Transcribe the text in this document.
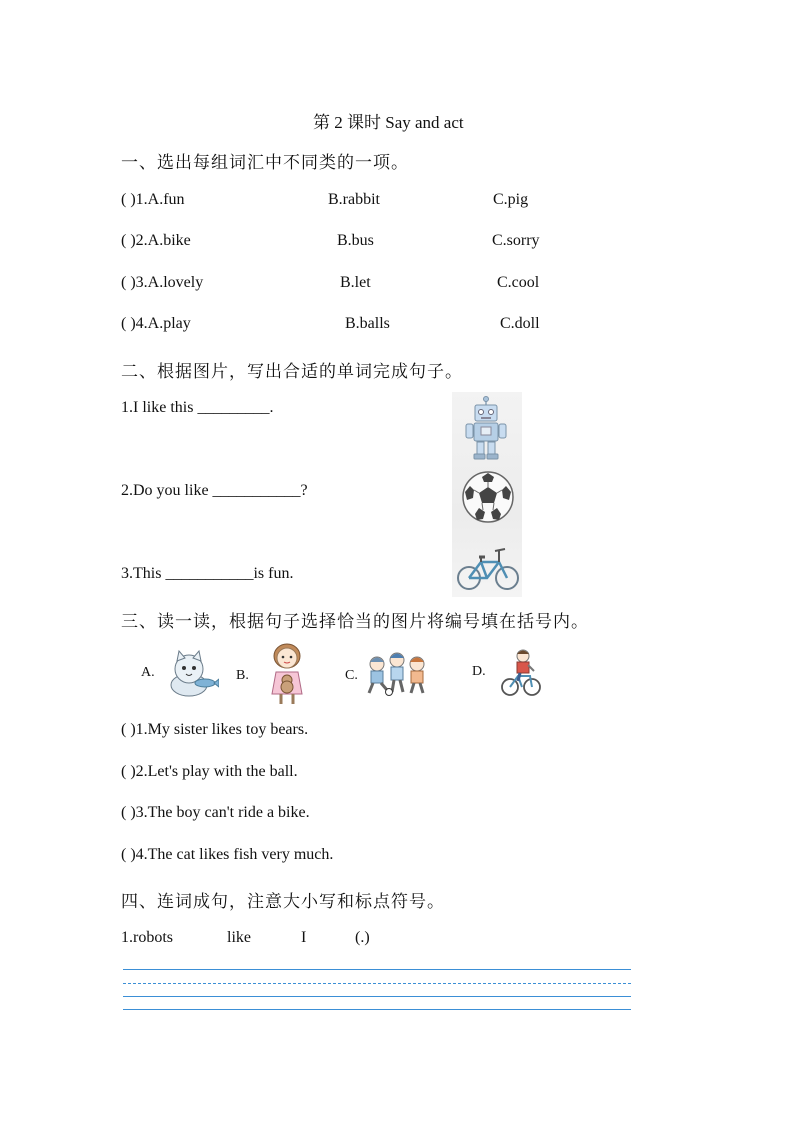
第 2 课时 Say and act
一、选出每组词汇中不同类的一项。
( )1.A.fun	B.rabbit	C.pig
( )2.A.bike	B.bus	C.sorry
( )3.A.lovely	B.let	C.cool
( )4.A.play	B.balls	C.doll
二、根据图片，写出合适的单词完成句子。
1.I like this _________.
2.Do you like ___________?
3.This ___________is fun.
三、读一读，根据句子选择恰当的图片将编号填在括号内。
A.	B.	C.	D.
( )1.My sister likes toy bears.
( )2.Let's play with the ball.
( )3.The boy can't ride a bike.
( )4.The cat likes fish very much.
四、连词成句，注意大小写和标点符号。
1.robots	like	I	(.)
